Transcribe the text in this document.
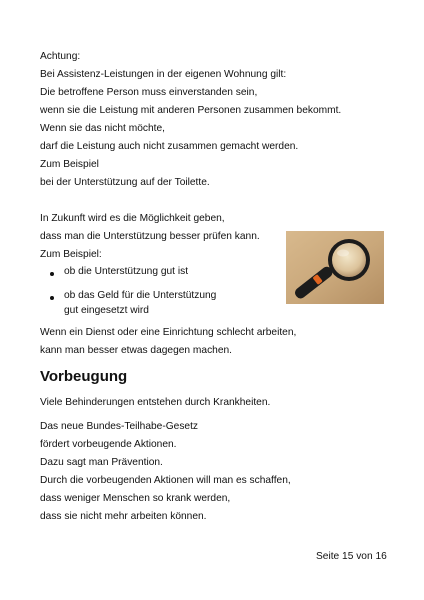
Achtung:
Bei Assistenz-Leistungen in der eigenen Wohnung gilt:
Die betroffene Person muss einverstanden sein,
wenn sie die Leistung mit anderen Personen zusammen bekommt.
Wenn sie das nicht möchte,
darf die Leistung auch nicht zusammen gemacht werden.
Zum Beispiel
bei der Unterstützung auf der Toilette.
In Zukunft wird es die Möglichkeit geben,
dass man die Unterstützung besser prüfen kann.
Zum Beispiel:
ob die Unterstützung gut ist
ob das Geld für die Unterstützung
gut eingesetzt wird
Wenn ein Dienst oder eine Einrichtung schlecht arbeiten,
kann man besser etwas dagegen machen.
Vorbeugung
Viele Behinderungen entstehen durch Krankheiten.
Das neue Bundes-Teilhabe-Gesetz
fördert vorbeugende Aktionen.
Dazu sagt man Prävention.
Durch die vorbeugenden Aktionen will man es schaffen,
dass weniger Menschen so krank werden,
dass sie nicht mehr arbeiten können.
Seite 15 von 16
